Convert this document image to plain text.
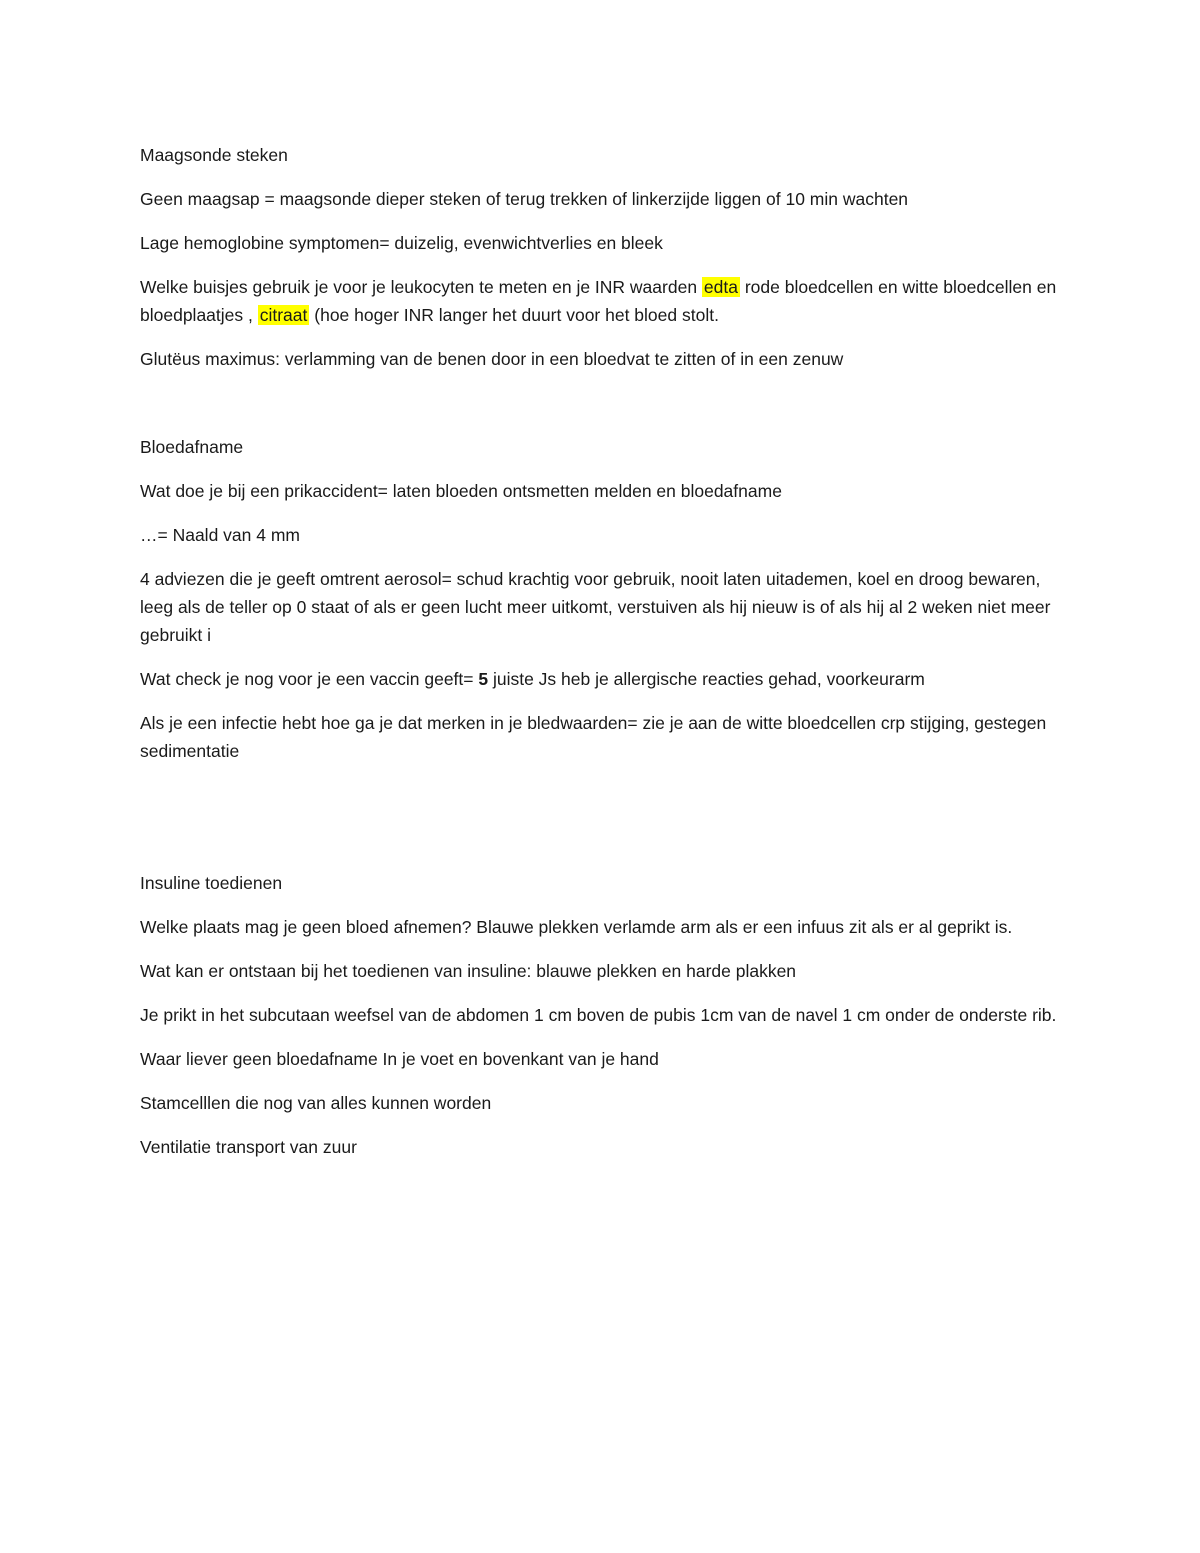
Maagsonde steken

Geen maagsap = maagsonde dieper steken of terug trekken of linkerzijde liggen of 10 min wachten

Lage hemoglobine symptomen= duizelig, evenwichtverlies en bleek

Welke buisjes gebruik je voor je leukocyten te meten en je INR waarden edta rode bloedcellen en witte bloedcellen en bloedplaatjes , citraat (hoe hoger INR langer het duurt voor het bloed stolt.

Glutëus maximus: verlamming van de benen door in een bloedvat te zitten of in een zenuw

Bloedafname

Wat doe je bij een prikaccident= laten bloeden ontsmetten melden en bloedafname

…= Naald van 4 mm

4 adviezen die je geeft omtrent aerosol= schud krachtig voor gebruik, nooit laten uitademen, koel en droog bewaren, leeg als de teller op 0 staat of als er geen lucht meer uitkomt, verstuiven als hij nieuw is of als hij al 2 weken niet meer gebruikt i

Wat check je nog voor je een vaccin geeft= 5 juiste Js heb je allergische reacties gehad, voorkeurarm

Als je een infectie hebt hoe ga je dat merken in je bledwaarden= zie je aan de witte bloedcellen crp stijging, gestegen sedimentatie

Insuline toedienen

Welke plaats mag je geen bloed afnemen? Blauwe plekken verlamde arm als er een infuus zit als er al geprikt is.

Wat kan er ontstaan bij het toedienen van insuline: blauwe plekken en harde plakken

Je prikt in het subcutaan weefsel van de abdomen 1 cm boven de pubis 1cm van de navel 1 cm onder de onderste rib.

Waar liever geen bloedafname In je voet en bovenkant van je hand

Stamcelllen die nog van alles kunnen worden

Ventilatie transport van zuur
